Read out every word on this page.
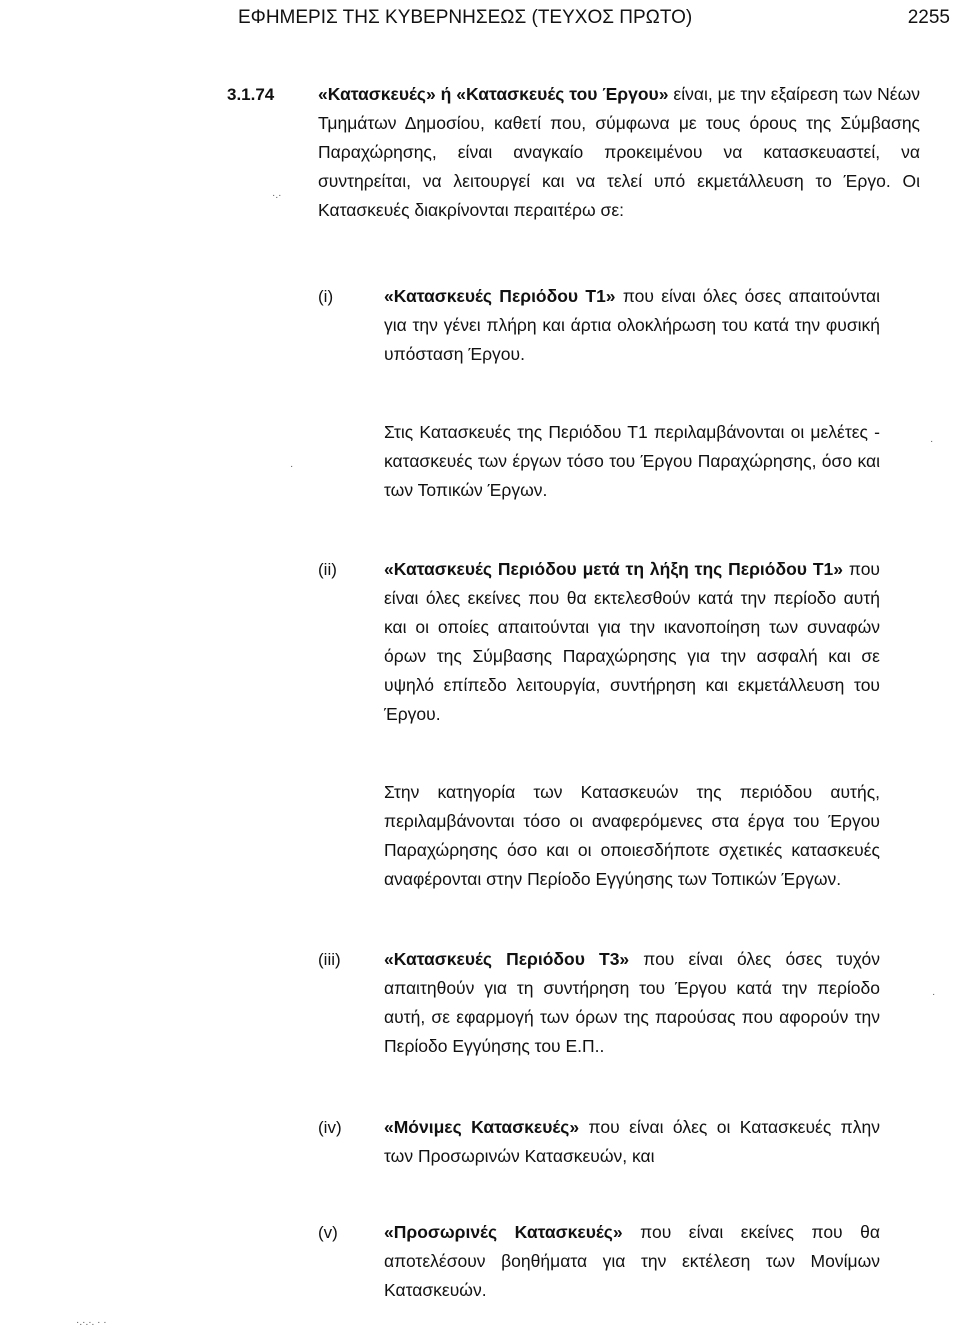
ΕΦΗΜΕΡΙΣ ΤΗΣ ΚΥΒΕΡΝΗΣΕΩΣ (ΤΕΥΧΟΣ ΠΡΩΤΟ)	2255
3.1.74 «Κατασκευές» ή «Κατασκευές του Έργου» είναι, με την εξαίρεση των Νέων Τμημάτων Δημοσίου, καθετί που, σύμφωνα με τους όρους της Σύμβασης Παραχώρησης, είναι αναγκαίο προκειμένου να κατασκευαστεί, να συντηρείται, να λειτουργεί και να τελεί υπό εκμετάλλευση το Έργο. Οι Κατασκευές διακρίνονται περαιτέρω σε:

(i)	«Κατασκευές Περιόδου Τ1» που είναι όλες όσες απαιτούνται για την γένει πλήρη και άρτια ολοκλήρωση του κατά την φυσική υπόσταση Έργου.

Στις Κατασκευές της Περιόδου Τ1 περιλαμβάνονται οι μελέτες - κατασκευές των έργων τόσο του Έργου Παραχώρησης, όσο και των Τοπικών Έργων.

(ii)	«Κατασκευές Περιόδου μετά τη λήξη της Περιόδου Τ1» που είναι όλες εκείνες που θα εκτελεσθούν κατά την περίοδο αυτή και οι οποίες απαιτούνται για την ικανοποίηση των συναφών όρων της Σύμβασης Παραχώρησης για την ασφαλή και σε υψηλό επίπεδο λειτουργία, συντήρηση και εκμετάλλευση του Έργου.

Στην κατηγορία των Κατασκευών της περιόδου αυτής, περιλαμβάνονται τόσο οι αναφερόμενες στα έργα του Έργου Παραχώρησης όσο και οι οποιεσδήποτε σχετικές κατασκευές αναφέρονται στην Περίοδο Εγγύησης των Τοπικών Έργων.

(iii) «Κατασκευές Περιόδου Τ3» που είναι όλες όσες τυχόν απαιτηθούν για τη συντήρηση του Έργου κατά την περίοδο αυτή, σε εφαρμογή των όρων της παρούσας που αφορούν την Περίοδο Εγγύησης του Ε.Π..

(iv) «Μόνιμες Κατασκευές» που είναι όλες οι Κατασκευές πλην των Προσωρινών Κατασκευών, και

(v)	«Προσωρινές Κατασκευές» που είναι εκείνες που θα αποτελέσουν βοηθήματα για την εκτέλεση των Μονίμων Κατασκευών.

·.·
·
·
·
·.·.·. · ·
